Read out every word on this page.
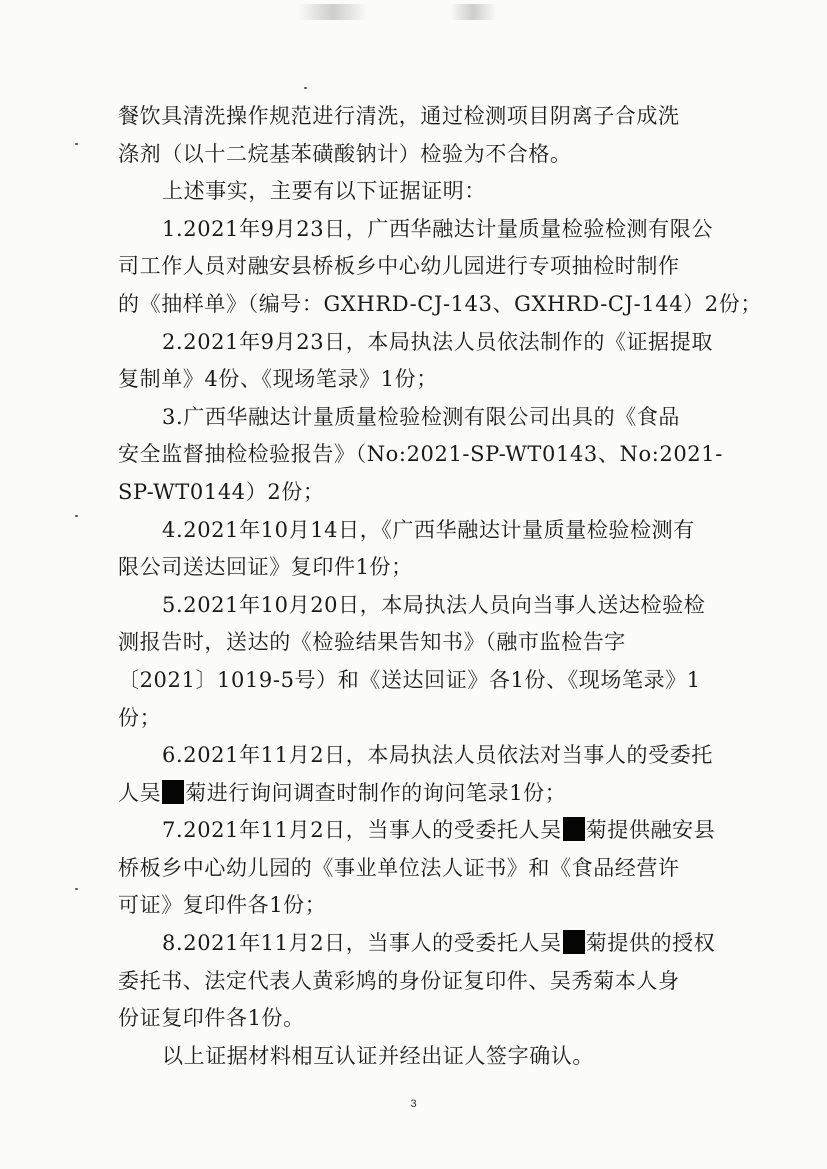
餐饮具清洗操作规范进行清洗，通过检测项目阴离子合成洗
涤剂（以十二烷基苯磺酸钠计）检验为不合格。
上述事实，主要有以下证据证明：
1.2021年9月23日，广西华融达计量质量检验检测有限公
司工作人员对融安县桥板乡中心幼儿园进行专项抽检时制作
的《抽样单》（编号：GXHRD-CJ-143、GXHRD-CJ-144）2份；
2.2021年9月23日，本局执法人员依法制作的《证据提取
复制单》4份、《现场笔录》1份；
3.广西华融达计量质量检验检测有限公司出具的《食品
安全监督抽检检验报告》（No:2021-SP-WT0143、No:2021-
SP-WT0144）2份；
4.2021年10月14日，《广西华融达计量质量检验检测有
限公司送达回证》复印件1份；
5.2021年10月20日，本局执法人员向当事人送达检验检
测报告时，送达的《检验结果告知书》（融市监检告字
〔2021〕1019-5号）和《送达回证》各1份、《现场笔录》1
份；
6.2021年11月2日，本局执法人员依法对当事人的受委托
人吴 菊进行询问调查时制作的询问笔录1份；
7.2021年11月2日，当事人的受委托人吴 菊提供融安县
桥板乡中心幼儿园的《事业单位法人证书》和《食品经营许
可证》复印件各1份；
8.2021年11月2日，当事人的受委托人吴 菊提供的授权
委托书、法定代表人黄彩鸠的身份证复印件、吴秀菊本人身
份证复印件各1份。
以上证据材料相互认证并经出证人签字确认。
3
